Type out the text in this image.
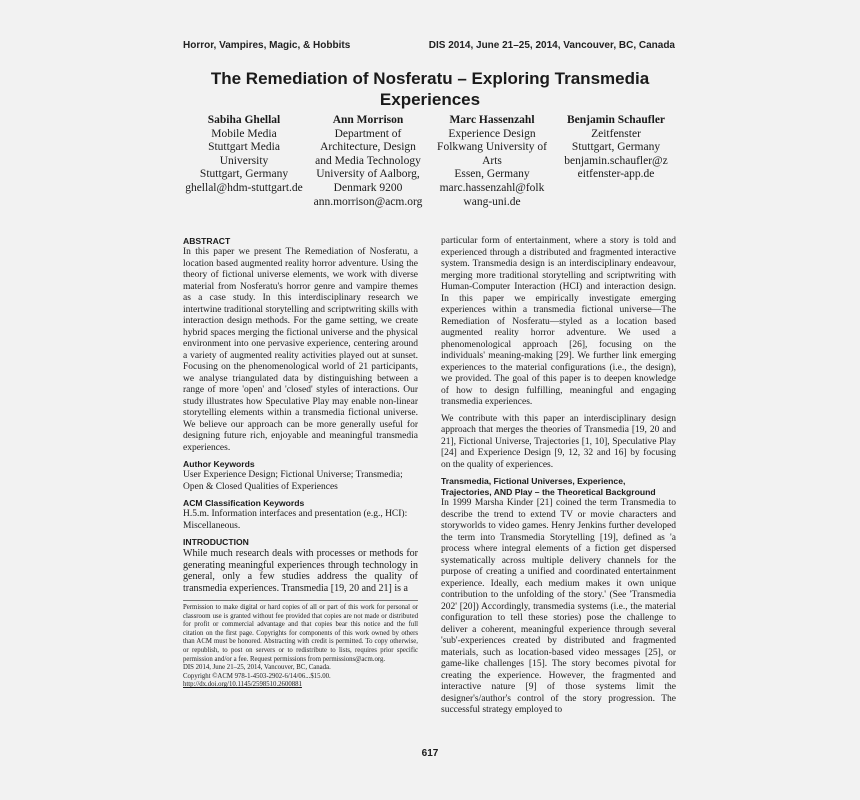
Horror, Vampires, Magic, & Hobbits	DIS 2014, June 21–25, 2014, Vancouver, BC, Canada
The Remediation of Nosferatu – Exploring Transmedia Experiences
Sabiha Ghellal
Mobile Media
Stuttgart Media
University
Stuttgart, Germany
ghellal@hdm-stuttgart.de
Ann Morrison
Department of
Architecture, Design
and Media Technology
University of Aalborg,
Denmark 9200
ann.morrison@acm.org
Marc Hassenzahl
Experience Design
Folkwang University of
Arts
Essen, Germany
marc.hassenzahl@folk
wang-uni.de
Benjamin Schaufler
Zeitfenster
Stuttgart, Germany
benjamin.schaufler@z
eitfenster-app.de
ABSTRACT

In this paper we present The Remediation of Nosferatu, a location based augmented reality horror adventure. Using the theory of fictional universe elements, we work with diverse material from Nosferatu's horror genre and vampire themes as a case study. In this interdisciplinary research we intertwine traditional storytelling and scriptwriting skills with interaction design methods. For the game setting, we create hybrid spaces merging the fictional universe and the physical environment into one pervasive experience, centering around a variety of augmented reality activities played out at sunset. Focusing on the phenomenological world of 21 participants, we analyse triangulated data by distinguishing between a range of more 'open' and 'closed' styles of interactions. Our study illustrates how Speculative Play may enable non-linear storytelling elements within a transmedia fictional universe. We believe our approach can be more generally useful for designing future rich, enjoyable and meaningful transmedia experiences.

Author Keywords

User Experience Design; Fictional Universe; Transmedia;

Open & Closed Qualities of Experiences

ACM Classification Keywords

H.5.m. Information interfaces and presentation (e.g., HCI):

Miscellaneous.

INTRODUCTION

While much research deals with processes or methods for generating meaningful experiences through technology in general, only a few studies address the quality of transmedia experiences. Transmedia [19, 20 and 21] is a

Permission to make digital or hard copies of all or part of this work for personal or classroom use is granted without fee provided that copies are not made or distributed for profit or commercial advantage and that copies bear this notice and the full citation on the first page. Copyrights for components of this work owned by others than ACM must be honored. Abstracting with credit is permitted. To copy otherwise, or republish, to post on servers or to redistribute to lists, requires prior specific permission and/or a fee. Request permissions from permissions@acm.org.

DIS 2014, June 21–25, 2014, Vancouver, BC, Canada.
Copyright ©ACM 978-1-4503-2902-6/14/06...$15.00.
http://dx.doi.org/10.1145/2598510.2600881

particular form of entertainment, where a story is told and experienced through a distributed and fragmented interactive system. Transmedia design is an interdisciplinary endeavour, merging more traditional storytelling and scriptwriting with Human-Computer Interaction (HCI) and interaction design. In this paper we empirically investigate emerging experiences within a transmedia fictional universe—The Remediation of Nosferatu—styled as a location based augmented reality horror adventure. We used a phenomenological approach [26], focusing on the individuals' meaning-making [29]. We further link emerging experiences to the material configurations (i.e., the design), we provided. The goal of this paper is to deepen knowledge of how to design fulfilling, meaningful and engaging transmedia experiences.

We contribute with this paper an interdisciplinary design approach that merges the theories of Transmedia [19, 20 and 21], Fictional Universe, Trajectories [1, 10], Speculative Play [24] and Experience Design [9, 12, 32 and 16] by focusing on the quality of experiences.

Transmedia, Fictional Universes, Experience, Trajectories, AND Play – the Theoretical Background

In 1999 Marsha Kinder [21] coined the term Transmedia to describe the trend to extend TV or movie characters and storyworlds to video games. Henry Jenkins further developed the term into Transmedia Storytelling [19], defined as 'a process where integral elements of a fiction get dispersed systematically across multiple delivery channels for the purpose of creating a unified and coordinated entertainment experience. Ideally, each medium makes it own unique contribution to the unfolding of the story.' (See 'Transmedia 202' [20]) Accordingly, transmedia systems (i.e., the material configuration to tell these stories) pose the challenge to deliver a coherent, meaningful experience through several 'sub'-experiences created by distributed and fragmented materials, such as location-based video messages [25], or game-like challenges [15]. The story becomes pivotal for creating the experience. However, the fragmented and interactive nature [9] of those systems limit the designer's/author's control of the story progression. The successful strategy employed to

617
